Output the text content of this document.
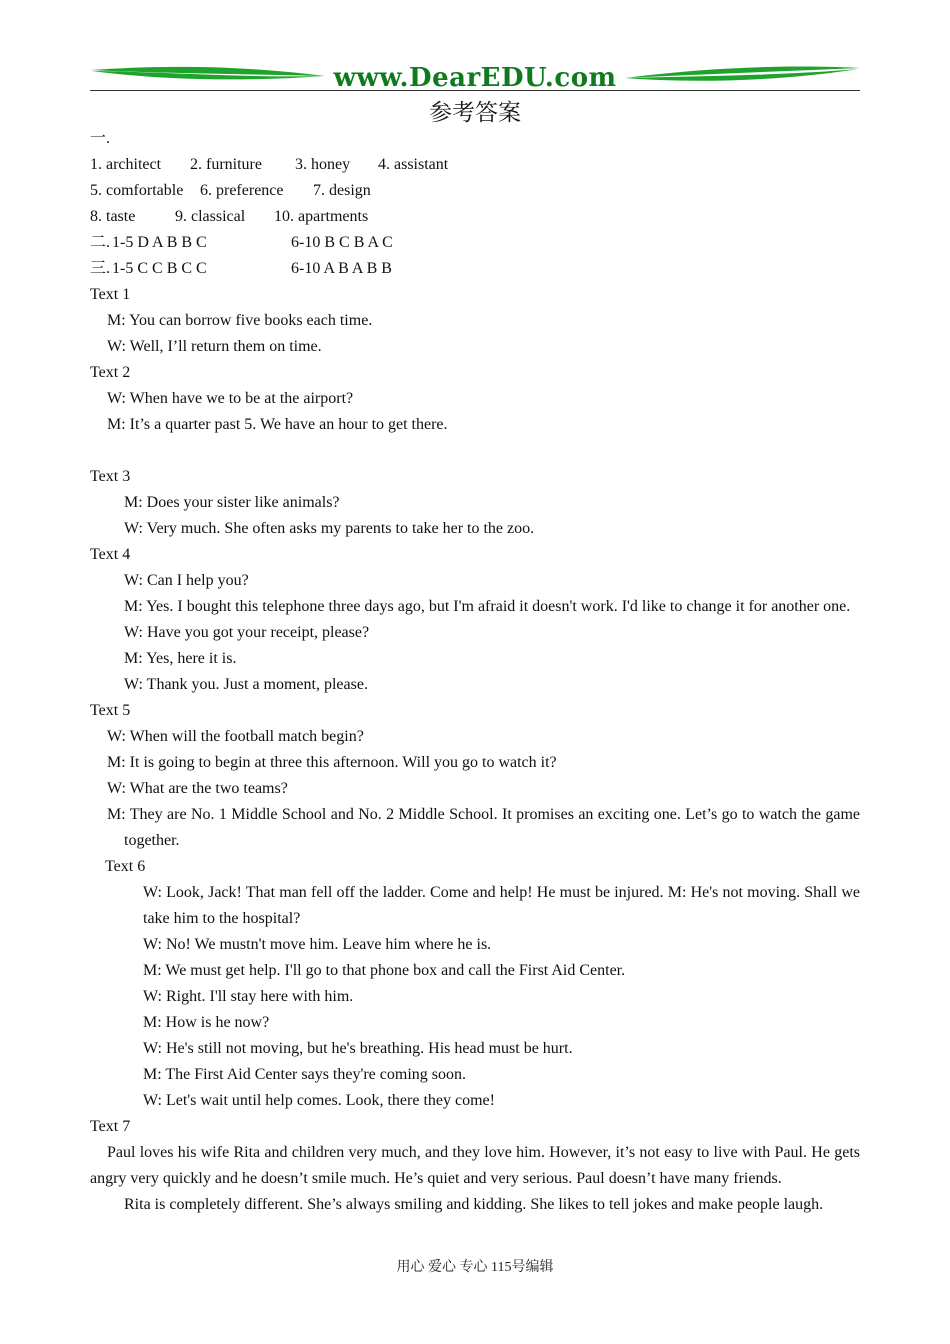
www.DearEDU.com
参考答案
一.
1. architect 2. furniture 3. honey 4. assistant
5. comfortable 6. preference 7. design
8. taste 9. classical 10. apartments
二. 1-5 D A B B C	6-10 B C B A C
三. 1-5 C C B C C	6-10 A B A B B
Text 1
M: You can borrow five books each time.
W: Well, I’ll return them on time.
Text 2
W: When have we to be at the airport?
M: It’s a quarter past 5. We have an hour to get there.
Text 3
M: Does your sister like animals?
W: Very much. She often asks my parents to take her to the zoo.
Text 4
W: Can I help you?
M: Yes. I bought this telephone three days ago, but I'm afraid it doesn't work. I'd like to change it for another one.
W: Have you got your receipt, please?
M: Yes, here it is.
W: Thank you. Just a moment, please.
Text 5
W: When will the football match begin?
M: It is going to begin at three this afternoon. Will you go to watch it?
W: What are the two teams?
M: They are No. 1 Middle School and No. 2 Middle School. It promises an exciting one. Let’s go to watch the game together.
Text 6
W: Look, Jack! That man fell off the ladder. Come and help! He must be injured. M: He's not moving. Shall we take him to the hospital?
W: No! We mustn't move him. Leave him where he is.
M: We must get help. I'll go to that phone box and call the First Aid Center.
W: Right. I'll stay here with him.
M: How is he now?
W: He's still not moving, but he's breathing. His head must be hurt.
M: The First Aid Center says they're coming soon.
W: Let's wait until help comes. Look, there they come!
Text 7
Paul loves his wife Rita and children very much, and they love him. However, it’s not easy to live with Paul. He gets angry very quickly and he doesn’t smile much. He’s quiet and very serious. Paul doesn’t have many friends.
Rita is completely different. She’s always smiling and kidding. She likes to tell jokes and make people laugh.
用心 爱心 专心 115号编辑
